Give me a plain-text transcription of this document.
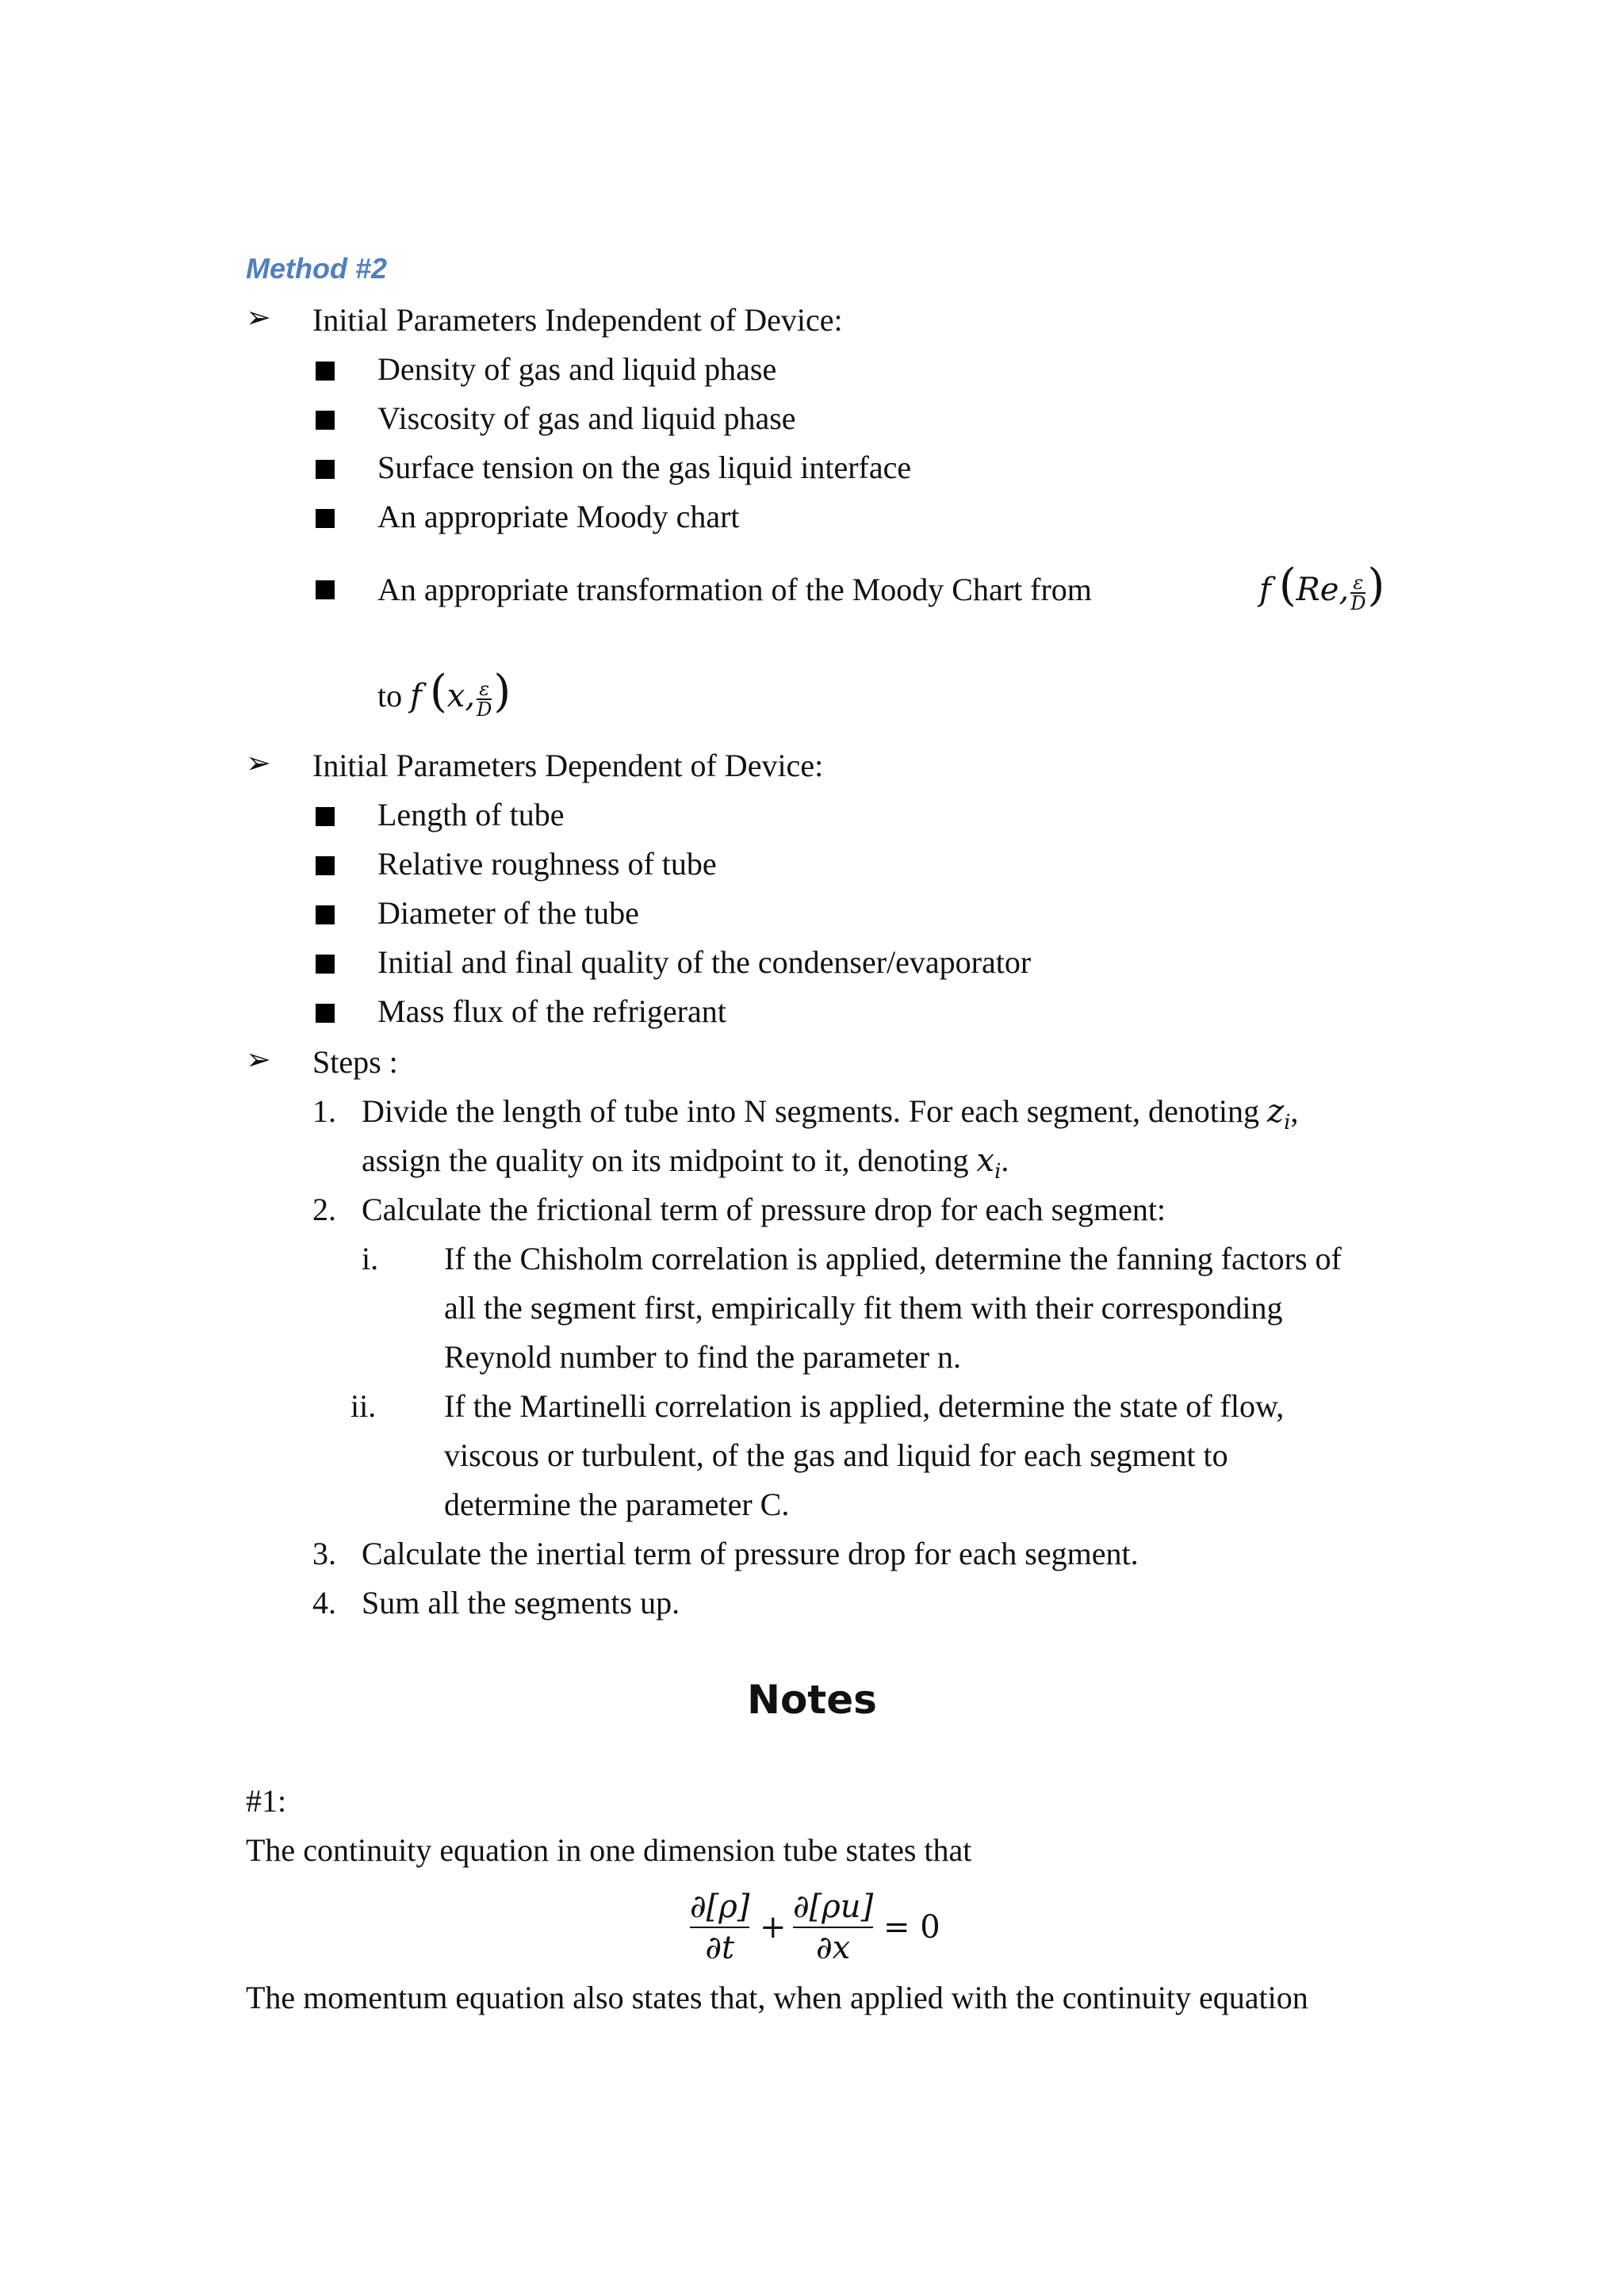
Method #2
➢ Initial Parameters Independent of Device:
Density of gas and liquid phase
Viscosity of gas and liquid phase
Surface tension on the gas liquid interface
An appropriate Moody chart
An appropriate transformation of the Moody Chart from	f (Re, $\frac{\varepsilon}{D}$ )
to f (x, $\frac{\varepsilon}{D}$ )
➢ Initial Parameters Dependent of Device:
Length of tube
Relative roughness of tube
Diameter of the tube
Initial and final quality of the condenser/evaporator
Mass flux of the refrigerant
➢ Steps :
1. Divide the length of tube into N segments. For each segment, denoting $z_i$,
assign the quality on its midpoint to it, denoting $x_i$.
2. Calculate the frictional term of pressure drop for each segment:
i. If the Chisholm correlation is applied, determine the fanning factors of
all the segment first, empirically fit them with their corresponding
Reynold number to find the parameter n.
ii. If the Martinelli correlation is applied, determine the state of flow,
viscous or turbulent, of the gas and liquid for each segment to
determine the parameter C.
3. Calculate the inertial term of pressure drop for each segment.
4. Sum all the segments up.
Notes
#1:
The continuity equation in one dimension tube states that
∂[ρ]
∂t
+
∂[ρu]
∂x
= 0
The momentum equation also states that, when applied with the continuity equation
